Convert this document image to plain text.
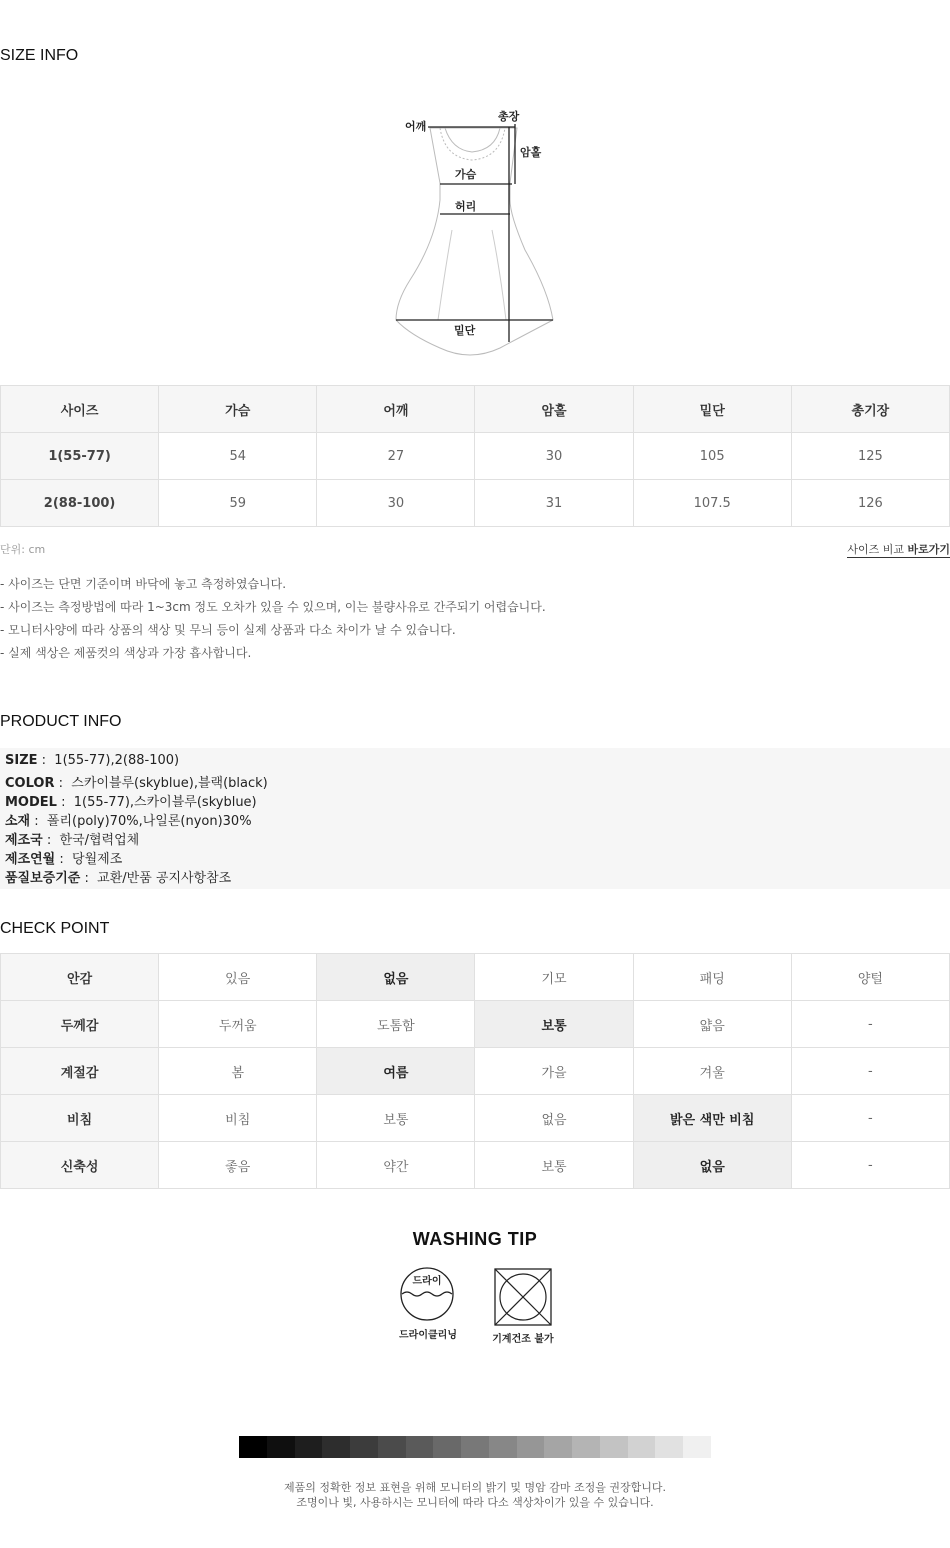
SIZE INFO
어깨
총장
암홀
가슴
허리
밑단
사이즈	가슴	어깨	암홀	밑단	총기장
1(55-77)	54	27	30	105	125
2(88-100)	59	30	31	107.5	126
단위: cm	사이즈 비교 바로가기
- 사이즈는 단면 기준이며 바닥에 놓고 측정하였습니다.
- 사이즈는 측정방법에 따라 1~3cm 정도 오차가 있을 수 있으며, 이는 불량사유로 간주되기 어렵습니다.
- 모니터사양에 따라 상품의 색상 및 무늬 등이 실제 상품과 다소 차이가 날 수 있습니다.
- 실제 색상은 제품컷의 색상과 가장 흡사합니다.
PRODUCT INFO
SIZE :  1(55-77),2(88-100)
COLOR :  스카이블루(skyblue),블랙(black)
MODEL :  1(55-77),스카이블루(skyblue)
소재 :  폴리(poly)70%,나일론(nyon)30%
제조국 :  한국/협력업체
제조연월 :  당월제조
품질보증기준 :  교환/반품 공지사항참조
CHECK POINT
안감	있음	없음	기모	패딩	양털
두께감	두꺼움	도톰함	보통	얇음	-
계절감	봄	여름	가을	겨울	-
비침	비침	보통	없음	밝은 색만 비침	-
신축성	좋음	약간	보통	없음	-
WASHING TIP
드라이
드라이클리닝	기계건조 불가
제품의 정확한 정보 표현을 위해 모니터의 밝기 및 명암 감마 조정을 권장합니다.
조명이나 빛, 사용하시는 모니터에 따라 다소 색상차이가 있을 수 있습니다.
